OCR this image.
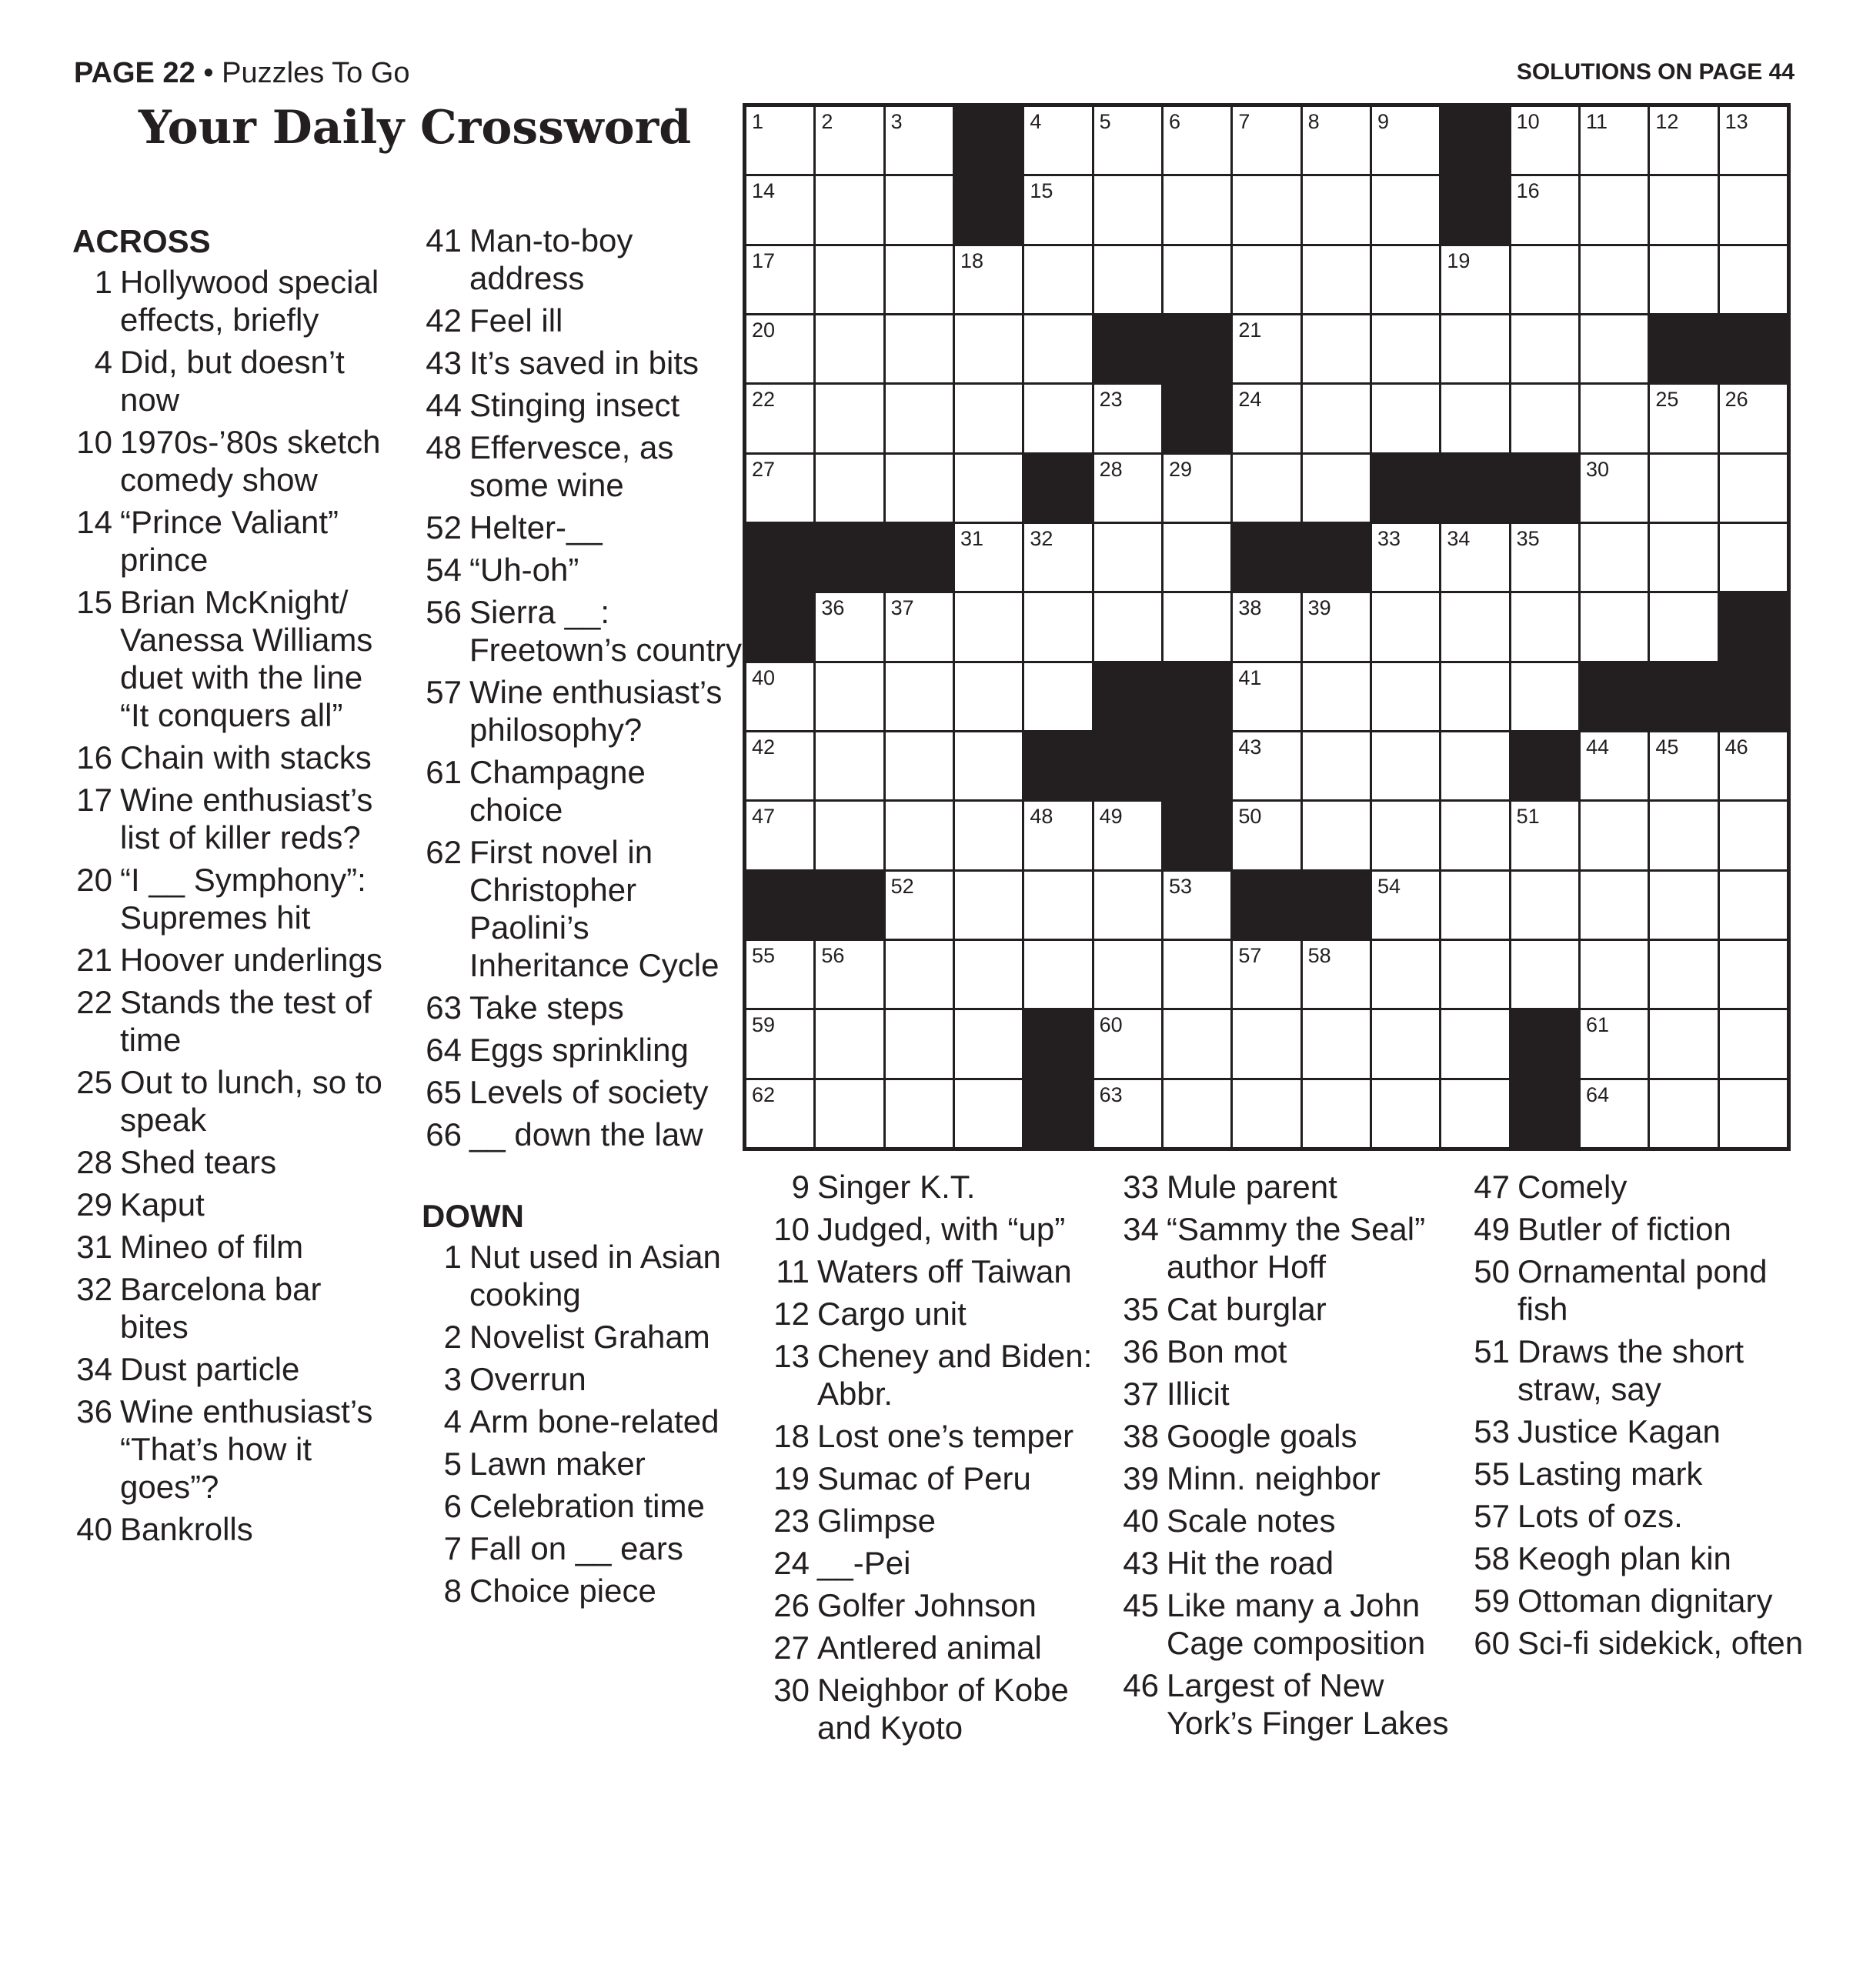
PAGE 22 • Puzzles To Go	SOLUTIONS ON PAGE 44
Your Daily Crossword
ACROSS
1 Hollywood special effects, briefly
4 Did, but doesn’t now
10 1970s-’80s sketch comedy show
14 “Prince Valiant” prince
15 Brian McKnight/ Vanessa Williams duet with the line “It conquers all”
16 Chain with stacks
17 Wine enthusiast’s list of killer reds?
20 “I __ Symphony”: Supremes hit
21 Hoover underlings
22 Stands the test of time
25 Out to lunch, so to speak
28 Shed tears
29 Kaput
31 Mineo of film
32 Barcelona bar bites
34 Dust particle
36 Wine enthusiast’s “That’s how it goes”?
40 Bankrolls
41 Man-to-boy address
42 Feel ill
43 It’s saved in bits
44 Stinging insect
48 Effervesce, as some wine
52 Helter-__
54 “Uh-oh”
56 Sierra __: Freetown’s country
57 Wine enthusiast’s philosophy?
61 Champagne choice
62 First novel in Christopher Paolini’s Inheritance Cycle
63 Take steps
64 Eggs sprinkling
65 Levels of society
66 __ down the law
DOWN
1 Nut used in Asian cooking
2 Novelist Graham
3 Overrun
4 Arm bone-related
5 Lawn maker
6 Celebration time
7 Fall on __ ears
8 Choice piece
9 Singer K.T.
10 Judged, with “up”
11 Waters off Taiwan
12 Cargo unit
13 Cheney and Biden: Abbr.
18 Lost one’s temper
19 Sumac of Peru
23 Glimpse
24 __-Pei
26 Golfer Johnson
27 Antlered animal
30 Neighbor of Kobe and Kyoto
33 Mule parent
34 “Sammy the Seal” author Hoff
35 Cat burglar
36 Bon mot
37 Illicit
38 Google goals
39 Minn. neighbor
40 Scale notes
43 Hit the road
45 Like many a John Cage composition
46 Largest of New York’s Finger Lakes
47 Comely
49 Butler of fiction
50 Ornamental pond fish
51 Draws the short straw, say
53 Justice Kagan
55 Lasting mark
57 Lots of ozs.
58 Keogh plan kin
59 Ottoman dignitary
60 Sci-fi sidekick, often
1	2	3	4	5	6	7	8	9	10 11 12 13
14	15	16
17	18	19
20	21
22	23	24	25 26
27	28 29	30
31 32	33 34 35
36 37	38 39
40	41
42	43	44 45 46
47	48 49	50	51
52	53	54
55 56	57 58
59	60	61
62	63	64
